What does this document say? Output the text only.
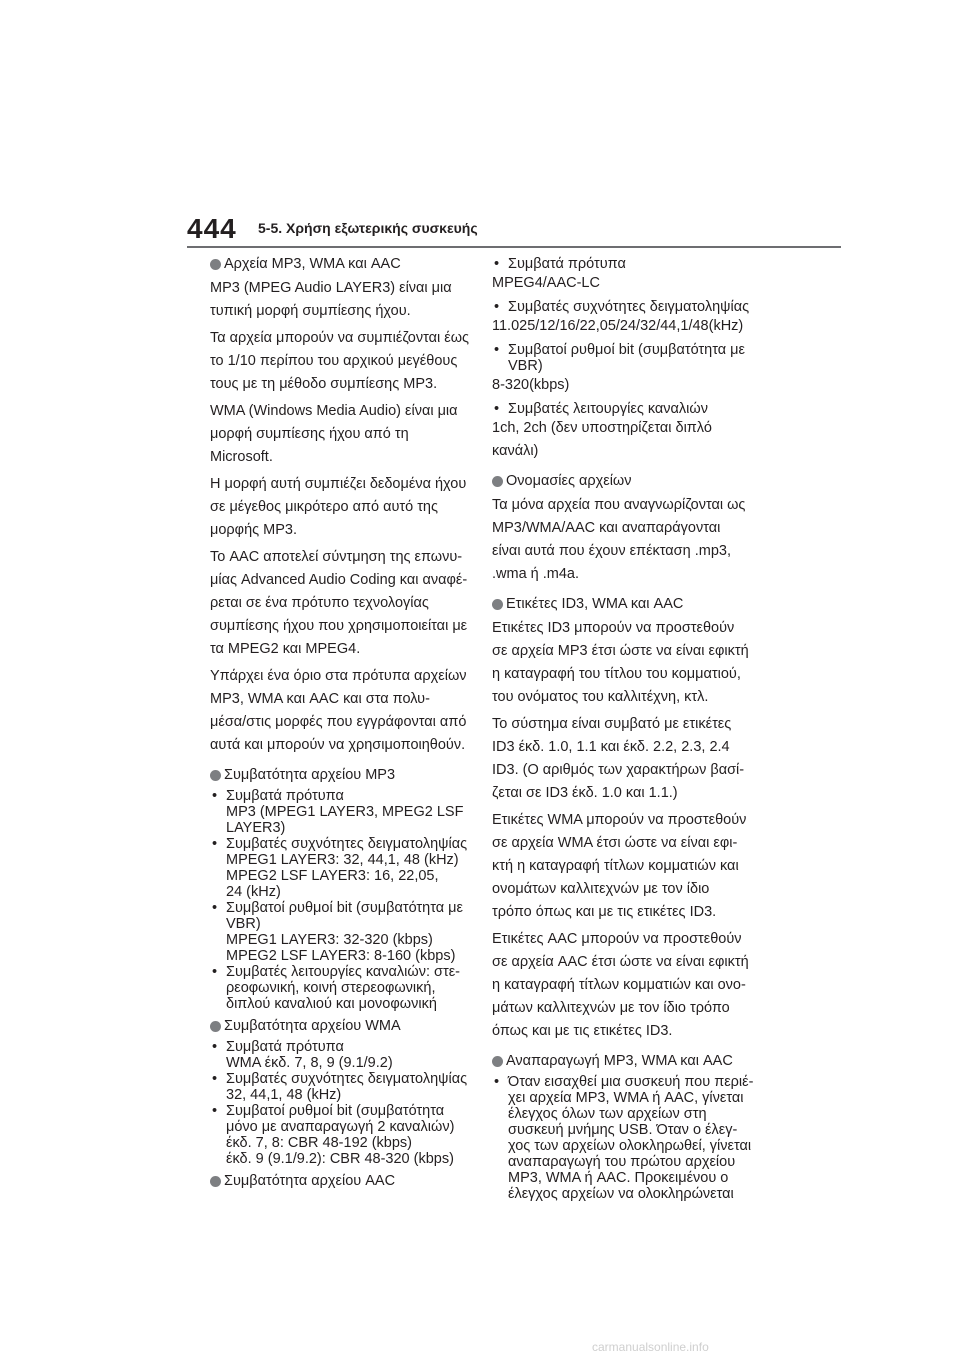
444 5-5. Χρήση εξωτερικής συσκευής
Αρχεία MP3, WMA και AAC
MP3 (MPEG Audio LAYER3) είναι μια
τυπική μορφή συμπίεσης ήχου.
Τα αρχεία μπορούν να συμπιέζονται έως
το 1/10 περίπου του αρχικού μεγέθους
τους με τη μέθοδο συμπίεσης MP3.
WMA (Windows Media Audio) είναι μια
μορφή συμπίεσης ήχου από τη
Microsoft.
Η μορφή αυτή συμπιέζει δεδομένα ήχου
σε μέγεθος μικρότερο από αυτό της
μορφής MP3.
Το AAC αποτελεί σύντμηση της επωνυ-
μίας Advanced Audio Coding και αναφέ-
ρεται σε ένα πρότυπο τεχνολογίας
συμπίεσης ήχου που χρησιμοποιείται με
τα MPEG2 και MPEG4.
Υπάρχει ένα όριο στα πρότυπα αρχείων
MP3, WMA και AAC και στα πολυ-
μέσα/στις μορφές που εγγράφονται από
αυτά και μπορούν να χρησιμοποιηθούν.
Συμβατότητα αρχείου MP3
• Συμβατά πρότυπα
MP3 (MPEG1 LAYER3, MPEG2 LSF
LAYER3)
• Συμβατές συχνότητες δειγματοληψίας
MPEG1 LAYER3: 32, 44,1, 48 (kHz)
MPEG2 LSF LAYER3: 16, 22,05,
24 (kHz)
• Συμβατοί ρυθμοί bit (συμβατότητα με
VBR)
MPEG1 LAYER3: 32-320 (kbps)
MPEG2 LSF LAYER3: 8-160 (kbps)
• Συμβατές λειτουργίες καναλιών: στε-
ρεοφωνική, κοινή στερεοφωνική,
διπλού καναλιού και μονοφωνική
Συμβατότητα αρχείου WMA
• Συμβατά πρότυπα
WMA έκδ. 7, 8, 9 (9.1/9.2)
• Συμβατές συχνότητες δειγματοληψίας
32, 44,1, 48 (kHz)
• Συμβατοί ρυθμοί bit (συμβατότητα
μόνο με αναπαραγωγή 2 καναλιών)
έκδ. 7, 8: CBR 48-192 (kbps)
έκδ. 9 (9.1/9.2): CBR 48-320 (kbps)
Συμβατότητα αρχείου AAC
• Συμβατά πρότυπα
MPEG4/AAC-LC
• Συμβατές συχνότητες δειγματοληψίας
11.025/12/16/22,05/24/32/44,1/48(kHz)
• Συμβατοί ρυθμοί bit (συμβατότητα με
VBR)
8-320(kbps)
• Συμβατές λειτουργίες καναλιών
1ch, 2ch (δεν υποστηρίζεται διπλό
κανάλι)
Ονομασίες αρχείων
Τα μόνα αρχεία που αναγνωρίζονται ως
MP3/WMA/AAC και αναπαράγονται
είναι αυτά που έχουν επέκταση .mp3,
.wma ή .m4a.
Ετικέτες ID3, WMA και AAC
Ετικέτες ID3 μπορούν να προστεθούν
σε αρχεία MP3 έτσι ώστε να είναι εφικτή
η καταγραφή του τίτλου του κομματιού,
του ονόματος του καλλιτέχνη, κτλ.
Το σύστημα είναι συμβατό με ετικέτες
ID3 έκδ. 1.0, 1.1 και έκδ. 2.2, 2.3, 2.4
ID3. (Ο αριθμός των χαρακτήρων βασί-
ζεται σε ID3 έκδ. 1.0 και 1.1.)
Ετικέτες WMA μπορούν να προστεθούν
σε αρχεία WMA έτσι ώστε να είναι εφι-
κτή η καταγραφή τίτλων κομματιών και
ονομάτων καλλιτεχνών με τον ίδιο
τρόπο όπως και με τις ετικέτες ID3.
Ετικέτες AAC μπορούν να προστεθούν
σε αρχεία AAC έτσι ώστε να είναι εφικτή
η καταγραφή τίτλων κομματιών και ονο-
μάτων καλλιτεχνών με τον ίδιο τρόπο
όπως και με τις ετικέτες ID3.
Αναπαραγωγή MP3, WMA και AAC
• Όταν εισαχθεί μια συσκευή που περιέ-
χει αρχεία MP3, WMA ή AAC, γίνεται
έλεγχος όλων των αρχείων στη
συσκευή μνήμης USB. Όταν ο έλεγ-
χος των αρχείων ολοκληρωθεί, γίνεται
αναπαραγωγή του πρώτου αρχείου
MP3, WMA ή AAC. Προκειμένου ο
έλεγχος αρχείων να ολοκληρώνεται
carmanualsonline.info
